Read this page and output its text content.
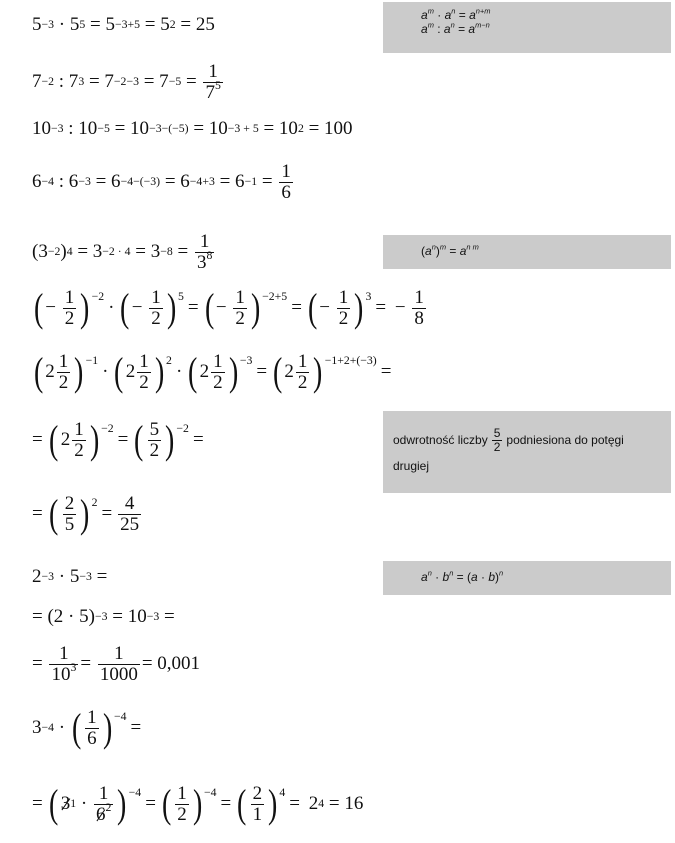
$a^m \cdot a^n = a^{n+m}$
$a^m$ : $a^n = a^{m-n}$
$(a^n)^m = a^{n m}$
odwrotność liczby $\frac{5}{2}$ podniesiona do potęgi
drugiej
$a^n \cdot b^n = (a \cdot b)^n$
5 −3 · 5 5 = 5 −3+5 = 5 2 = 25
7 −2 : 7 $3 = 7 -2-3 = 7 -5 = \frac{1}{7^5}$
10 −3 : 10 −5 = 10 −3−(−5) = 10 −3 + 5 = 10 2 = 100
6 −4 : $6 -3 = 6 -4-(-3) = 6 -4+3 = 6 -1 = \frac{1}{6}$
(3 −2 ) $4 = 3 -2 \cdot 4 = 3 -8 = \frac{1}{3^8}$
( − $\frac{1}{2}$ ) −2
· ( − $\frac{1}{2}$ ) 5
= ( − $\frac{1}{2}$ ) −2+5
= ( − $\frac{1}{2}$ ) 3
= − $\frac{1}{8}$
( $2 \frac{1}{2}$ ) −1
· ( $2 \frac{1}{2}$ ) 2
· ( $2 \frac{1}{2}$ ) −3
= ( $2 \frac{1}{2}$ ) −1+2+(−3)
=
= ( $2 \frac{1}{2}$ ) −2
= ( $\frac{5}{2}$ ) −2
=
= ( $\frac{2}{5}$ ) 2
= $\frac{4}{25}$
2 −3 · 5 −3 =
= (2 · 5) −3 = 10 −3 =
= $\frac{1}{10^3} = \frac{1}{1000} = 0,001$
3 −4 · ( $\frac{1}{6}$ ) −4
=
= ( 3 $1 \cdot \frac{1}{6^2}$ ) −4
= ( $\frac{1}{2}$ ) −4
= ( $\frac{2}{1}$ ) 4
= 2 4 = 16
